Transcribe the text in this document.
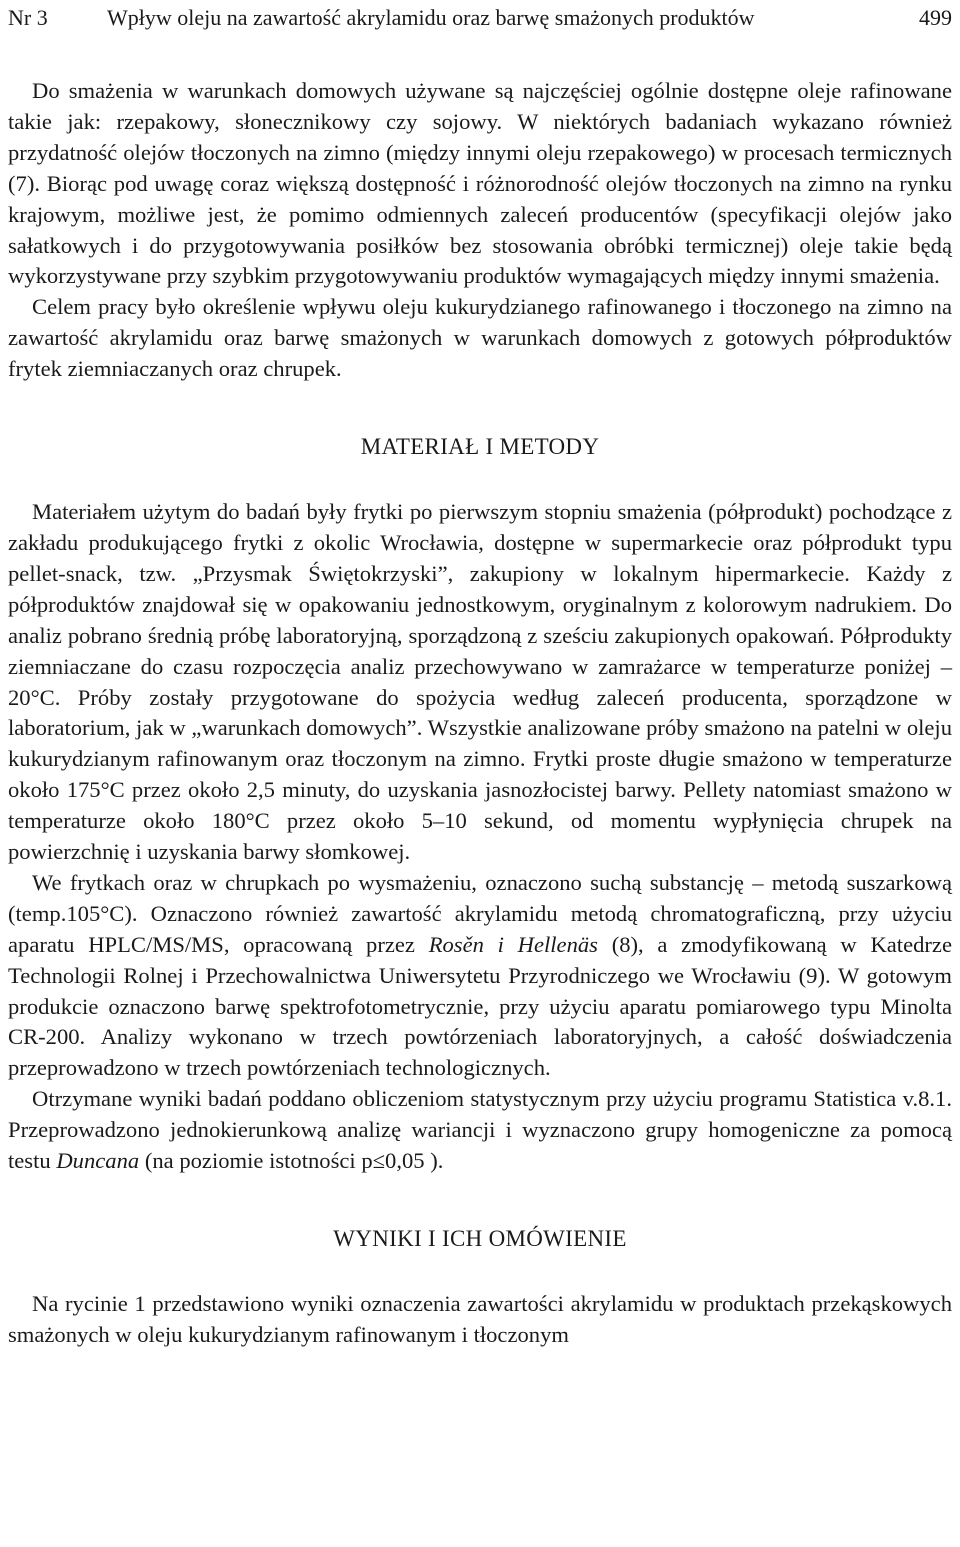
Nr 3	Wpływ oleju na zawartość akrylamidu oraz barwę smażonych produktów	499

Do smażenia w warunkach domowych używane są najczęściej ogólnie dostępne oleje rafinowane takie jak: rzepakowy, słonecznikowy czy sojowy. W niektórych badaniach wykazano również przydatność olejów tłoczonych na zimno (między innymi oleju rzepakowego) w procesach termicznych (7). Biorąc pod uwagę coraz większą dostępność i różnorodność olejów tłoczonych na zimno na rynku krajowym, możliwe jest, że pomimo odmiennych zaleceń producentów (specyfikacji olejów jako sałatkowych i do przygotowywania posiłków bez stosowania obróbki termicznej) oleje takie będą wykorzystywane przy szybkim przygotowywaniu produktów wymagających między innymi smażenia.

Celem pracy było określenie wpływu oleju kukurydzianego rafinowanego i tłoczonego na zimno na zawartość akrylamidu oraz barwę smażonych w warunkach domowych z gotowych półproduktów frytek ziemniaczanych oraz chrupek.

MATERIAŁ I METODY

Materiałem użytym do badań były frytki po pierwszym stopniu smażenia (półprodukt) pochodzące z zakładu produkującego frytki z okolic Wrocławia, dostępne w supermarkecie oraz półprodukt typu pellet-snack, tzw. „Przysmak Świętokrzyski”, zakupiony w lokalnym hipermarkecie. Każdy z półproduktów znajdował się w opakowaniu jednostkowym, oryginalnym z kolorowym nadrukiem. Do analiz pobrano średnią próbę laboratoryjną, sporządzoną z sześciu zakupionych opakowań. Półprodukty ziemniaczane do czasu rozpoczęcia analiz przechowywano w zamrażarce w temperaturze poniżej –20°C. Próby zostały przygotowane do spożycia według zaleceń producenta, sporządzone w laboratorium, jak w „warunkach domowych”. Wszystkie analizowane próby smażono na patelni w oleju kukurydzianym rafinowanym oraz tłoczonym na zimno. Frytki proste długie smażono w temperaturze około 175°C przez około 2,5 minuty, do uzyskania jasnozłocistej barwy. Pellety natomiast smażono w temperaturze około 180°C przez około 5–10 sekund, od momentu wypłynięcia chrupek na powierzchnię i uzyskania barwy słomkowej.

We frytkach oraz w chrupkach po wysmażeniu, oznaczono suchą substancję – metodą suszarkową (temp.105°C). Oznaczono również zawartość akrylamidu metodą chromatograficzną, przy użyciu aparatu HPLC/MS/MS, opracowaną przez Rosěn i Hellenäs (8), a zmodyfikowaną w Katedrze Technologii Rolnej i Przechowalnictwa Uniwersytetu Przyrodniczego we Wrocławiu (9). W gotowym produkcie oznaczono barwę spektrofotometrycznie, przy użyciu aparatu pomiarowego typu Minolta CR-200. Analizy wykonano w trzech powtórzeniach laboratoryjnych, a całość doświadczenia przeprowadzono w trzech powtórzeniach technologicznych.

Otrzymane wyniki badań poddano obliczeniom statystycznym przy użyciu programu Statistica v.8.1. Przeprowadzono jednokierunkową analizę wariancji i wyznaczono grupy homogeniczne za pomocą testu Duncana (na poziomie istotności p≤0,05 ).

WYNIKI I ICH OMÓWIENIE

Na rycinie 1 przedstawiono wyniki oznaczenia zawartości akrylamidu w produktach przekąskowych smażonych w oleju kukurydzianym rafinowanym i tłoczonym
